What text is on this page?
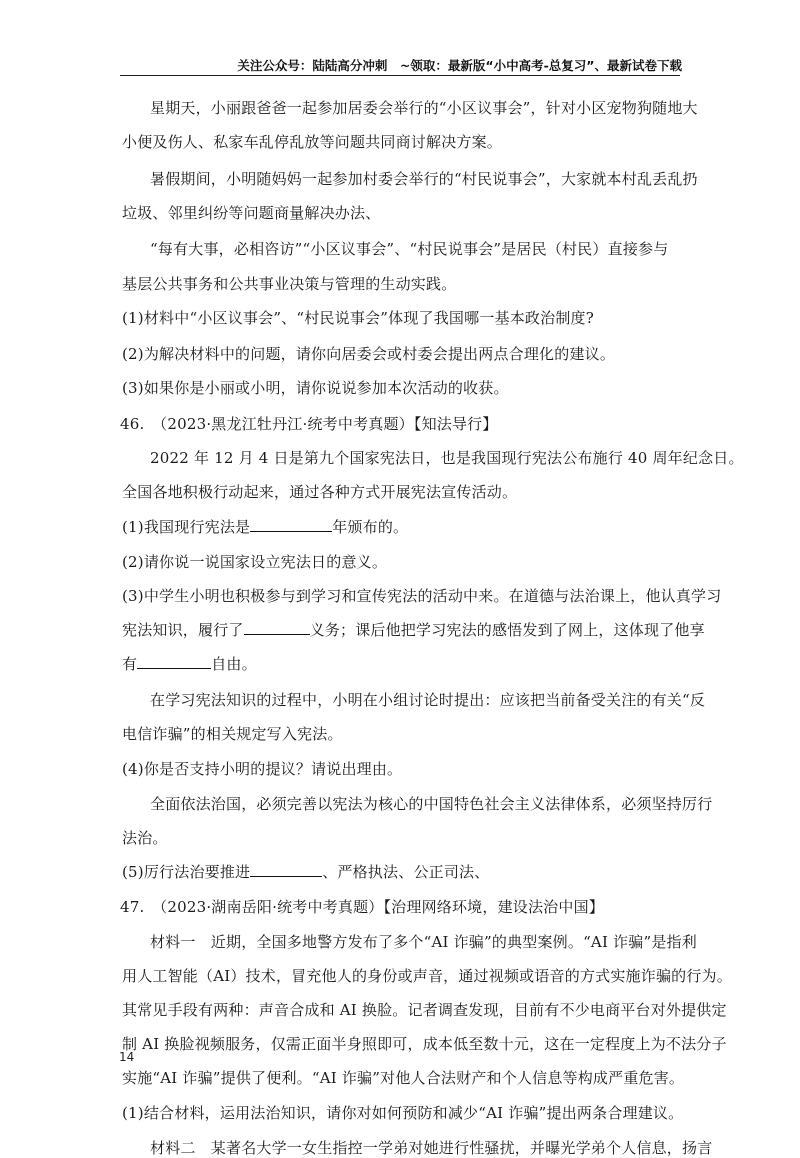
关注公众号：陆陆高分冲刺　~领取：最新版“小中高考-总复习”、最新试卷下载
星期天，小丽跟爸爸一起参加居委会举行的“小区议事会”，针对小区宠物狗随地大
小便及伤人、私家车乱停乱放等问题共同商讨解决方案。
暑假期间，小明随妈妈一起参加村委会举行的“村民说事会”，大家就本村乱丢乱扔
垃圾、邻里纠纷等问题商量解决办法、
“每有大事，必相咨访”“小区议事会”、“村民说事会”是居民（村民）直接参与
基层公共事务和公共事业决策与管理的生动实践。
(1)材料中“小区议事会”、“村民说事会”体现了我国哪一基本政治制度?
(2)为解决材料中的问题，请你向居委会或村委会提出两点合理化的建议。
(3)如果你是小丽或小明，请你说说参加本次活动的收获。
46.　（2023·黑龙江牡丹江·统考中考真题）【知法导行】
2022 年 12 月 4 日是第九个国家宪法日，也是我国现行宪法公布施行 40 周年纪念日。
全国各地积极行动起来，通过各种方式开展宪法宣传活动。
(1)我国现行宪法是	年颁布的。
(2)请你说一说国家设立宪法日的意义。
(3)中学生小明也积极参与到学习和宣传宪法的活动中来。在道德与法治课上，他认真学习
宪法知识，履行了	义务；课后他把学习宪法的感悟发到了网上，这体现了他享
有	自由。
在学习宪法知识的过程中，小明在小组讨论时提出：应该把当前备受关注的有关“反
电信诈骗”的相关规定写入宪法。
(4)你是否支持小明的提议？请说出理由。
全面依法治国，必须完善以宪法为核心的中国特色社会主义法律体系，必须坚持厉行
法治。
(5)厉行法治要推进	、严格执法、公正司法、
47.　（2023·湖南岳阳·统考中考真题）【治理网络环境，建设法治中国】
材料一　近期，全国多地警方发布了多个“AI 诈骗”的典型案例。“AI 诈骗”是指利
用人工智能（AI）技术，冒充他人的身份或声音，通过视频或语音的方式实施诈骗的行为。
其常见手段有两种：声音合成和 AI 换脸。记者调查发现，目前有不少电商平台对外提供定
制 AI 换脸视频服务，仅需正面半身照即可，成本低至数十元，这在一定程度上为不法分子
实施“AI 诈骗”提供了便利。“AI 诈骗”对他人合法财产和个人信息等构成严重危害。
(1)结合材料，运用法治知识，请你对如何预防和减少“AI 诈骗”提出两条合理建议。
材料二　某著名大学一女生指控一学弟对她进行性骚扰，并曝光学弟个人信息，扬言
14
